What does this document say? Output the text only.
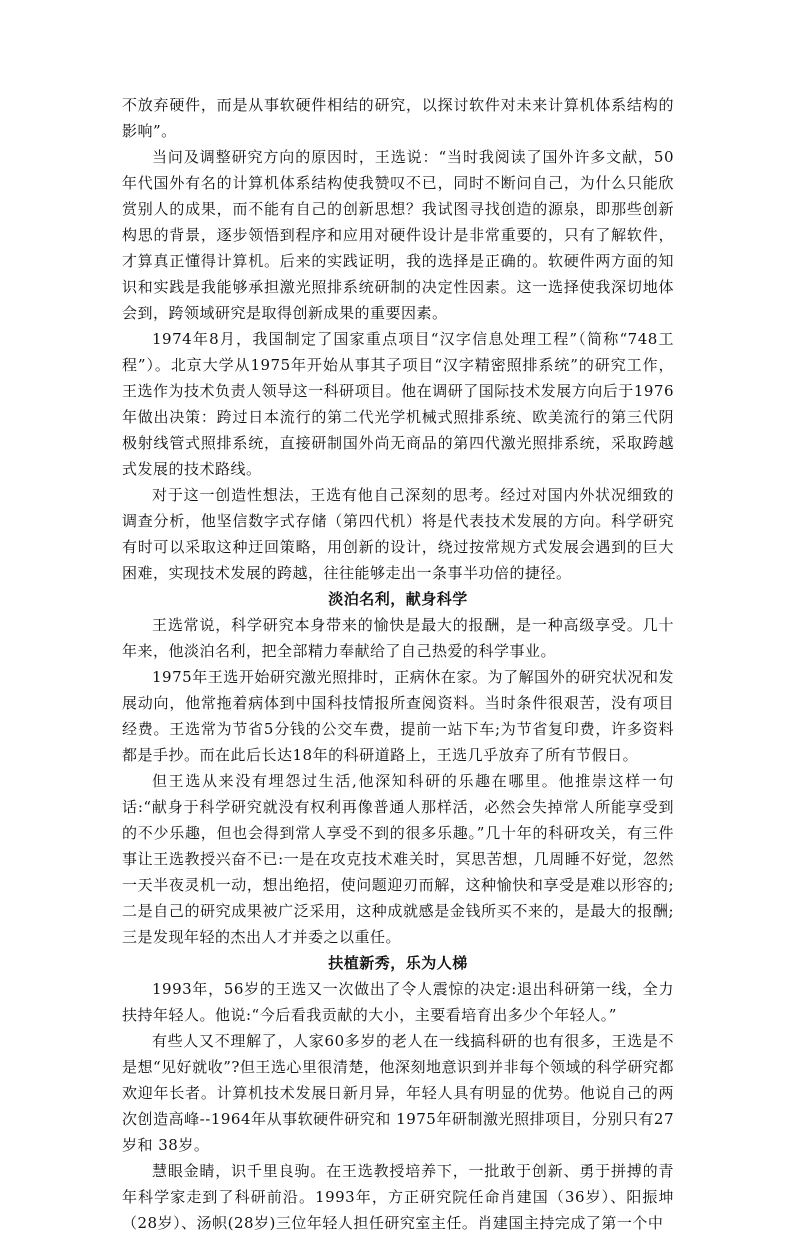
不放弃硬件，而是从事软硬件相结的研究，以探讨软件对未来计算机体系结构的影响”。

当问及调整研究方向的原因时，王选说：“当时我阅读了国外许多文献，50年代国外有名的计算机体系结构使我赞叹不已，同时不断问自己，为什么只能欣赏别人的成果，而不能有自己的创新思想？我试图寻找创造的源泉，即那些创新构思的背景，逐步领悟到程序和应用对硬件设计是非常重要的，只有了解软件，才算真正懂得计算机。后来的实践证明，我的选择是正确的。软硬件两方面的知识和实践是我能够承担激光照排系统研制的决定性因素。这一选择使我深切地体会到，跨领域研究是取得创新成果的重要因素。

1974年8月，我国制定了国家重点项目“汉字信息处理工程”（简称“748工程”）。北京大学从1975年开始从事其子项目“汉字精密照排系统”的研究工作，王选作为技术负责人领导这一科研项目。他在调研了国际技术发展方向后于1976年做出决策：跨过日本流行的第二代光学机械式照排系统、欧美流行的第三代阴极射线管式照排系统，直接研制国外尚无商品的第四代激光照排系统，采取跨越式发展的技术路线。

对于这一创造性想法，王选有他自己深刻的思考。经过对国内外状况细致的调查分析，他坚信数字式存储（第四代机）将是代表技术发展的方向。科学研究有时可以采取这种迂回策略，用创新的设计，绕过按常规方式发展会遇到的巨大困难，实现技术发展的跨越，往往能够走出一条事半功倍的捷径。

淡泊名利，献身科学

王选常说，科学研究本身带来的愉快是最大的报酬，是一种高级享受。几十年来，他淡泊名利，把全部精力奉献给了自己热爱的科学事业。

1975年王选开始研究激光照排时，正病休在家。为了解国外的研究状况和发展动向，他常拖着病体到中国科技情报所查阅资料。当时条件很艰苦，没有项目经费。王选常为节省5分钱的公交车费，提前一站下车;为节省复印费，许多资料都是手抄。而在此后长达18年的科研道路上，王选几乎放弃了所有节假日。

但王选从来没有埋怨过生活,他深知科研的乐趣在哪里。他推崇这样一句话:“献身于科学研究就没有权利再像普通人那样活，必然会失掉常人所能享受到的不少乐趣，但也会得到常人享受不到的很多乐趣。”几十年的科研攻关，有三件事让王选教授兴奋不已:一是在攻克技术难关时，冥思苦想，几周睡不好觉，忽然一天半夜灵机一动，想出绝招，使问题迎刃而解，这种愉快和享受是难以形容的;二是自己的研究成果被广泛采用，这种成就感是金钱所买不来的，是最大的报酬;三是发现年轻的杰出人才并委之以重任。

扶植新秀，乐为人梯

1993年，56岁的王选又一次做出了令人震惊的决定:退出科研第一线，全力扶持年轻人。他说:“今后看我贡献的大小，主要看培育出多少个年轻人。”

有些人又不理解了，人家60多岁的老人在一线搞科研的也有很多，王选是不是想“见好就收”?但王选心里很清楚，他深刻地意识到并非每个领域的科学研究都欢迎年长者。计算机技术发展日新月异，年轻人具有明显的优势。他说自己的两次创造高峰--1964年从事软硬件研究和 1975年研制激光照排项目，分别只有27岁和 38岁。

慧眼金睛，识千里良驹。在王选教授培养下，一批敢于创新、勇于拼搏的青年科学家走到了科研前沿。1993年，方正研究院任命肖建国（36岁）、阳振坤（28岁）、汤帜(28岁)三位年轻人担任研究室主任。肖建国主持完成了第一个中
